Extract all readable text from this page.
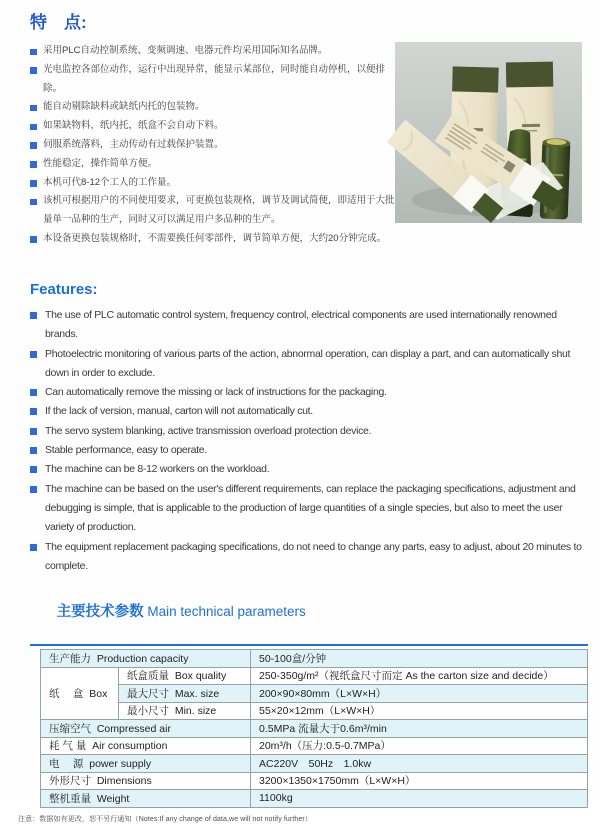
特　点:
采用PLC自动控制系统、变频调速、电器元件均采用国际知名品牌。
光电监控各部位动作，运行中出现异常，能显示某部位，同时能自动停机，以便排除。
能自动剔除缺料或缺纸内托的包装物。
如果缺物料，纸内托，纸盒不会自动下料。
伺服系统落料，主动传动有过载保护装置。
性能稳定，操作简单方便。
本机可代8-12个工人的工作量。
该机可根据用户的不同使用要求，可更换包装规格，调节及调试简便，即适用于大批量单一品种的生产，同时又可以满足用户多品种的生产。
本设备更换包装规格时，不需要换任何零部件，调节简单方便，大约20分钟完成。
Features:
The use of PLC automatic control system, frequency control, electrical components are used internationally renowned brands.
Photoelectric monitoring of various parts of the action, abnormal operation, can display a part, and can automatically shut down in order to exclude.
Can automatically remove the missing or lack of instructions for the packaging.
If the lack of version, manual, carton will not automatically cut.
The servo system blanking, active transmission overload protection device.
Stable performance, easy to operate.
The machine can be 8-12 workers on the workload.
The machine can be based on the user's different requirements, can replace the packaging specifications, adjustment and debugging is simple, that is applicable to the production of large quantities of a single species, but also to meet the user variety of production.
The equipment replacement packaging specifications, do not need to change any parts, easy to adjust, about 20 minutes to complete.

主要技术参数 Main technical parameters

生产能力  Production capacity		50-100盒/分钟
纸　 盒  Box	纸盒质量  Box quality	250-350g/m²（视纸盒尺寸而定 As the carton size and decide）
	最大尺寸  Max. size	200×90×80mm（L×W×H）
	最小尺寸  Min. size	55×20×12mm（L×W×H）
压缩空气  Compressed air		0.5MPa 流量大于0.6m³/min
耗 气 量  Air consumption		20m³/h（压力:0.5-0.7MPa）
电　 源  power supply		AC220V　50Hz　1.0kw
外形尺寸  Dimensions		3200×1350×1750mm（L×W×H）
整机重量  Weight		1100kg
注意：数据如有更改，恕不另行通知（Notes:If any change of data,we will not notify further）
